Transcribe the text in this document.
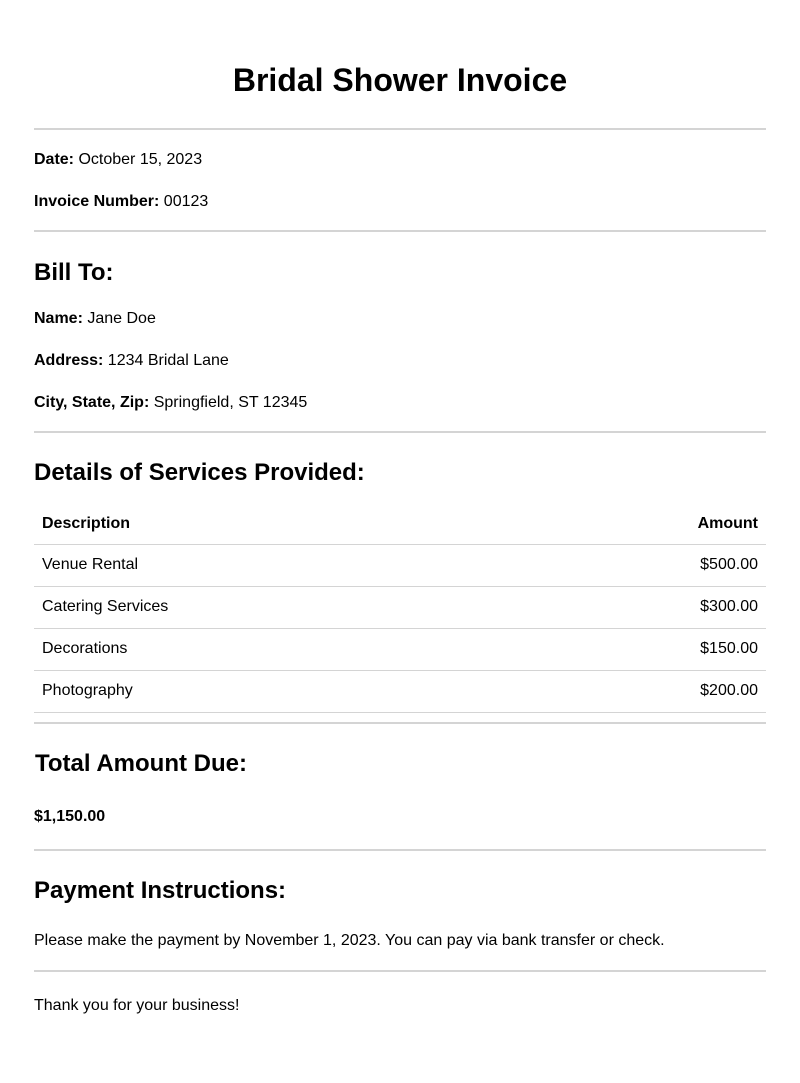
Bridal Shower Invoice

Date: October 15, 2023

Invoice Number: 00123

Bill To:

Name: Jane Doe

Address: 1234 Bridal Lane

City, State, Zip: Springfield, ST 12345

Details of Services Provided:
Description	Amount
Venue Rental	$500.00
Catering Services	$300.00
Decorations	$150.00
Photography	$200.00
Total Amount Due:

$1,150.00

Payment Instructions:

Please make the payment by November 1, 2023. You can pay via bank transfer or check.

Thank you for your business!
